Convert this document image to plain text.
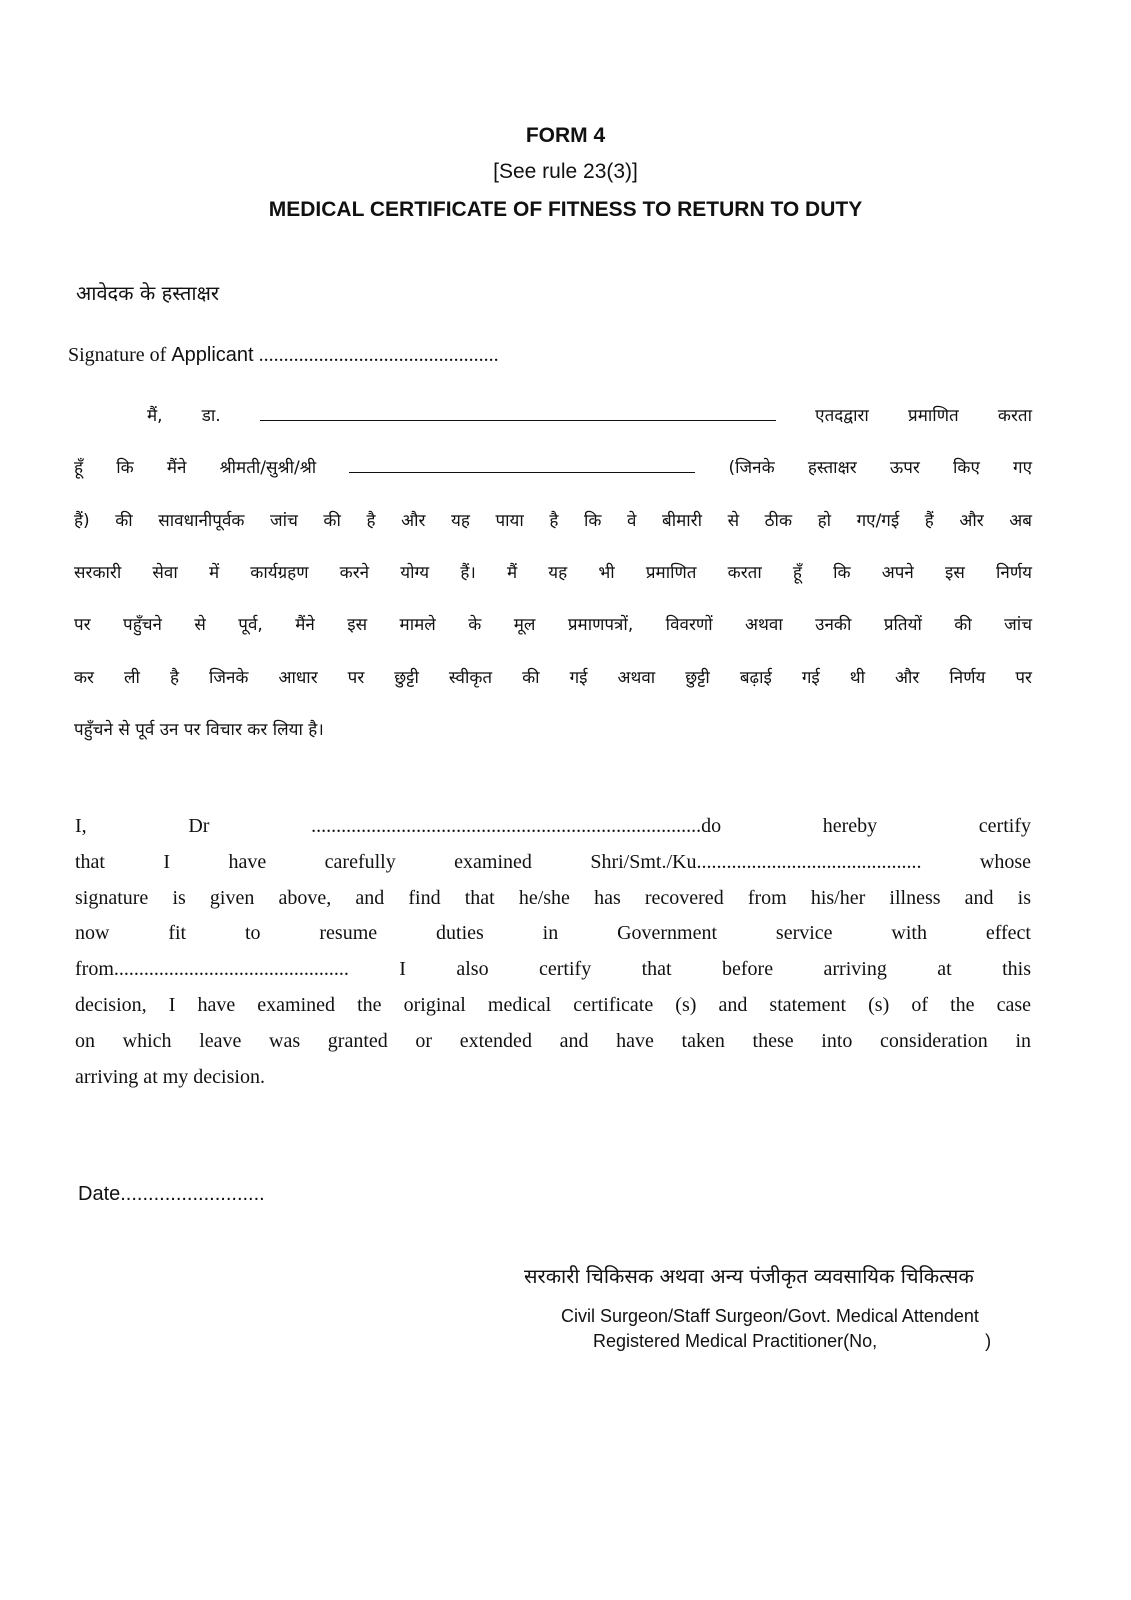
FORM 4
[See rule 23(3)]
MEDICAL CERTIFICATE OF FITNESS TO RETURN TO DUTY
आवेदक के हस्ताक्षर
Signature of Applicant ................................................
मैं, डा.	एतदद्वारा प्रमाणित करता
हूँ कि मैंने श्रीमती/सुश्री/श्री	(जिनके हस्ताक्षर ऊपर किए गए
हैं) की सावधानीपूर्वक जांच की है और यह पाया है कि वे बीमारी से ठीक हो गए/गई हैं और अब
सरकारी सेवा में कार्यग्रहण करने योग्य हैं। मैं यह भी प्रमाणित करता हूँ कि अपने इस निर्णय
पर पहुँचने से पूर्व, मैंने इस मामले के मूल प्रमाणपत्रों, विवरणों अथवा उनकी प्रतियों की जांच
कर ली है जिनके आधार पर छुट्टी स्वीकृत की गई अथवा छुट्टी बढ़ाई गई थी और निर्णय पर
पहुँचने से पूर्व उन पर विचार कर लिया है।
I, Dr ..............................................................................do hereby certify
that I have carefully examined Shri/Smt./Ku............................................. whose
signature is given above, and find that he/she has recovered from his/her illness and is
now fit to resume duties in Government service with effect
from............................................... I also certify that before arriving at this
decision, I have examined the original medical certificate (s) and statement (s) of the case
on which leave was granted or extended and have taken these into consideration in
arriving at my decision.
Date..........................
सरकारी चिकिसक अथवा अन्य पंजीकृत व्यवसायिक चिकित्सक
Civil Surgeon/Staff Surgeon/Govt. Medical Attendent
Registered Medical Practitioner(No,	)
